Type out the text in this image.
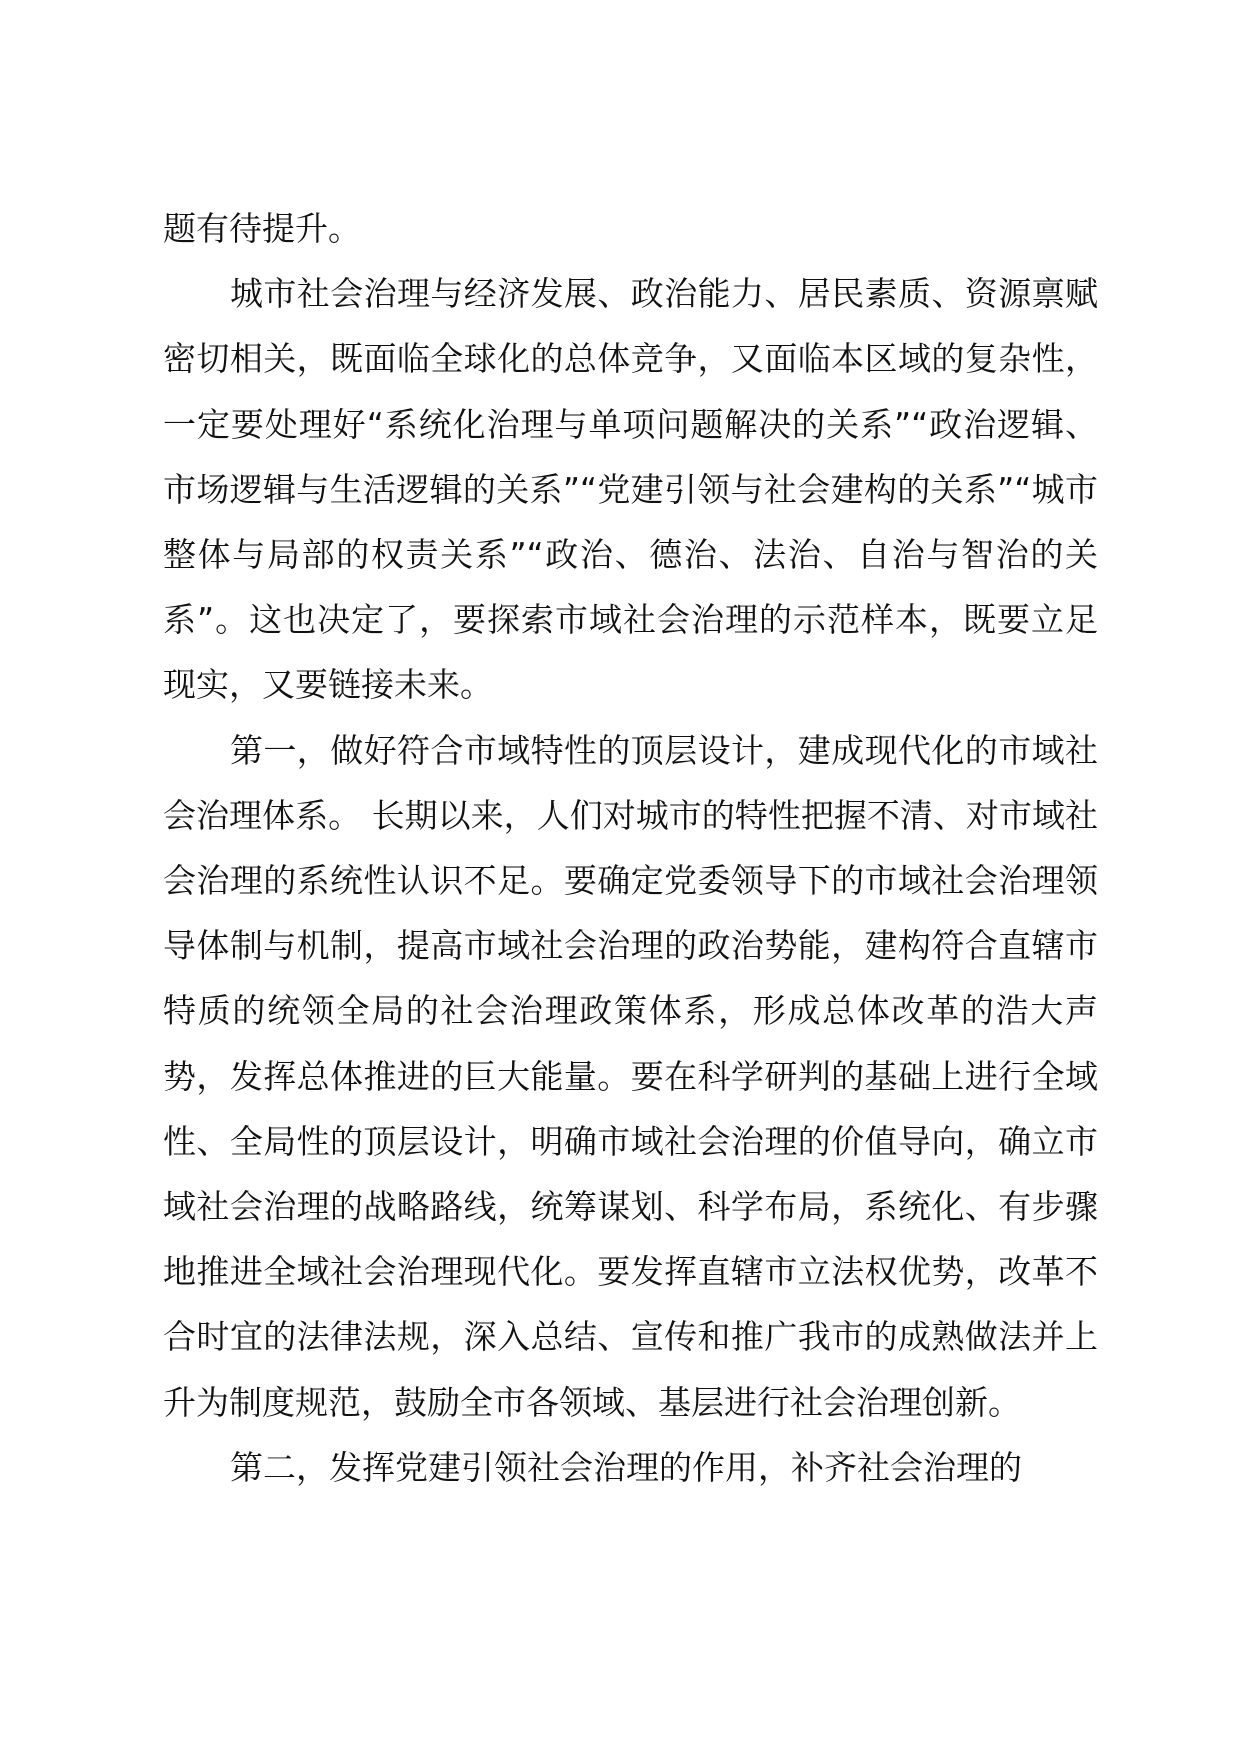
题有待提升。

城市社会治理与经济发展、政治能力、居民素质、资源禀赋密切相关，既面临全球化的总体竞争，又面临本区域的复杂性，一定要处理好“系统化治理与单项问题解决的关系”“政治逻辑、市场逻辑与生活逻辑的关系”“党建引领与社会建构的关系”“城市整体与局部的权责关系”“政治、德治、法治、自治与智治的关系”。这也决定了，要探索市域社会治理的示范样本，既要立足现实，又要链接未来。

第一，做好符合市域特性的顶层设计，建成现代化的市域社会治理体系。 长期以来，人们对城市的特性把握不清、对市域社会治理的系统性认识不足。要确定党委领导下的市域社会治理领导体制与机制，提高市域社会治理的政治势能，建构符合直辖市特质的统领全局的社会治理政策体系，形成总体改革的浩大声势，发挥总体推进的巨大能量。要在科学研判的基础上进行全域性、全局性的顶层设计，明确市域社会治理的价值导向，确立市域社会治理的战略路线，统筹谋划、科学布局，系统化、有步骤地推进全域社会治理现代化。要发挥直辖市立法权优势，改革不合时宜的法律法规，深入总结、宣传和推广我市的成熟做法并上升为制度规范，鼓励全市各领域、基层进行社会治理创新。

第二，发挥党建引领社会治理的作用，补齐社会治理的
